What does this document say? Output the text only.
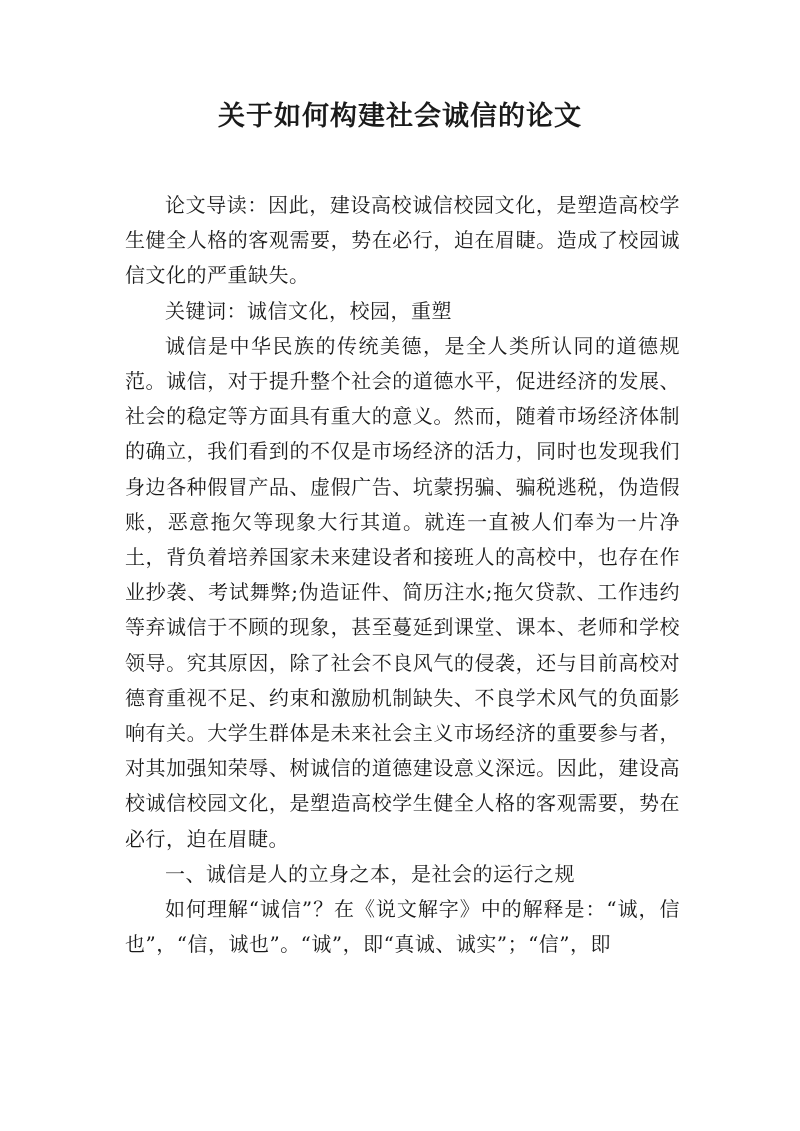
关于如何构建社会诚信的论文

论文导读：因此，建设高校诚信校园文化，是塑造高校学生健全人格的客观需要，势在必行，迫在眉睫。造成了校园诚信文化的严重缺失。

关键词：诚信文化，校园，重塑

诚信是中华民族的传统美德，是全人类所认同的道德规范。诚信，对于提升整个社会的道德水平，促进经济的发展、社会的稳定等方面具有重大的意义。然而，随着市场经济体制的确立，我们看到的不仅是市场经济的活力，同时也发现我们身边各种假冒产品、虚假广告、坑蒙拐骗、骗税逃税，伪造假账，恶意拖欠等现象大行其道。就连一直被人们奉为一片净土，背负着培养国家未来建设者和接班人的高校中，也存在作业抄袭、考试舞弊;伪造证件、简历注水;拖欠贷款、工作违约等弃诚信于不顾的现象，甚至蔓延到课堂、课本、老师和学校领导。究其原因，除了社会不良风气的侵袭，还与目前高校对德育重视不足、约束和激励机制缺失、不良学术风气的负面影响有关。大学生群体是未来社会主义市场经济的重要参与者，对其加强知荣辱、树诚信的道德建设意义深远。因此，建设高校诚信校园文化，是塑造高校学生健全人格的客观需要，势在必行，迫在眉睫。

一、诚信是人的立身之本，是社会的运行之规

如何理解“诚信”？在《说文解字》中的解释是：“诚，信也”，“信，诚也”。“诚”，即“真诚、诚实”；“信”，即
